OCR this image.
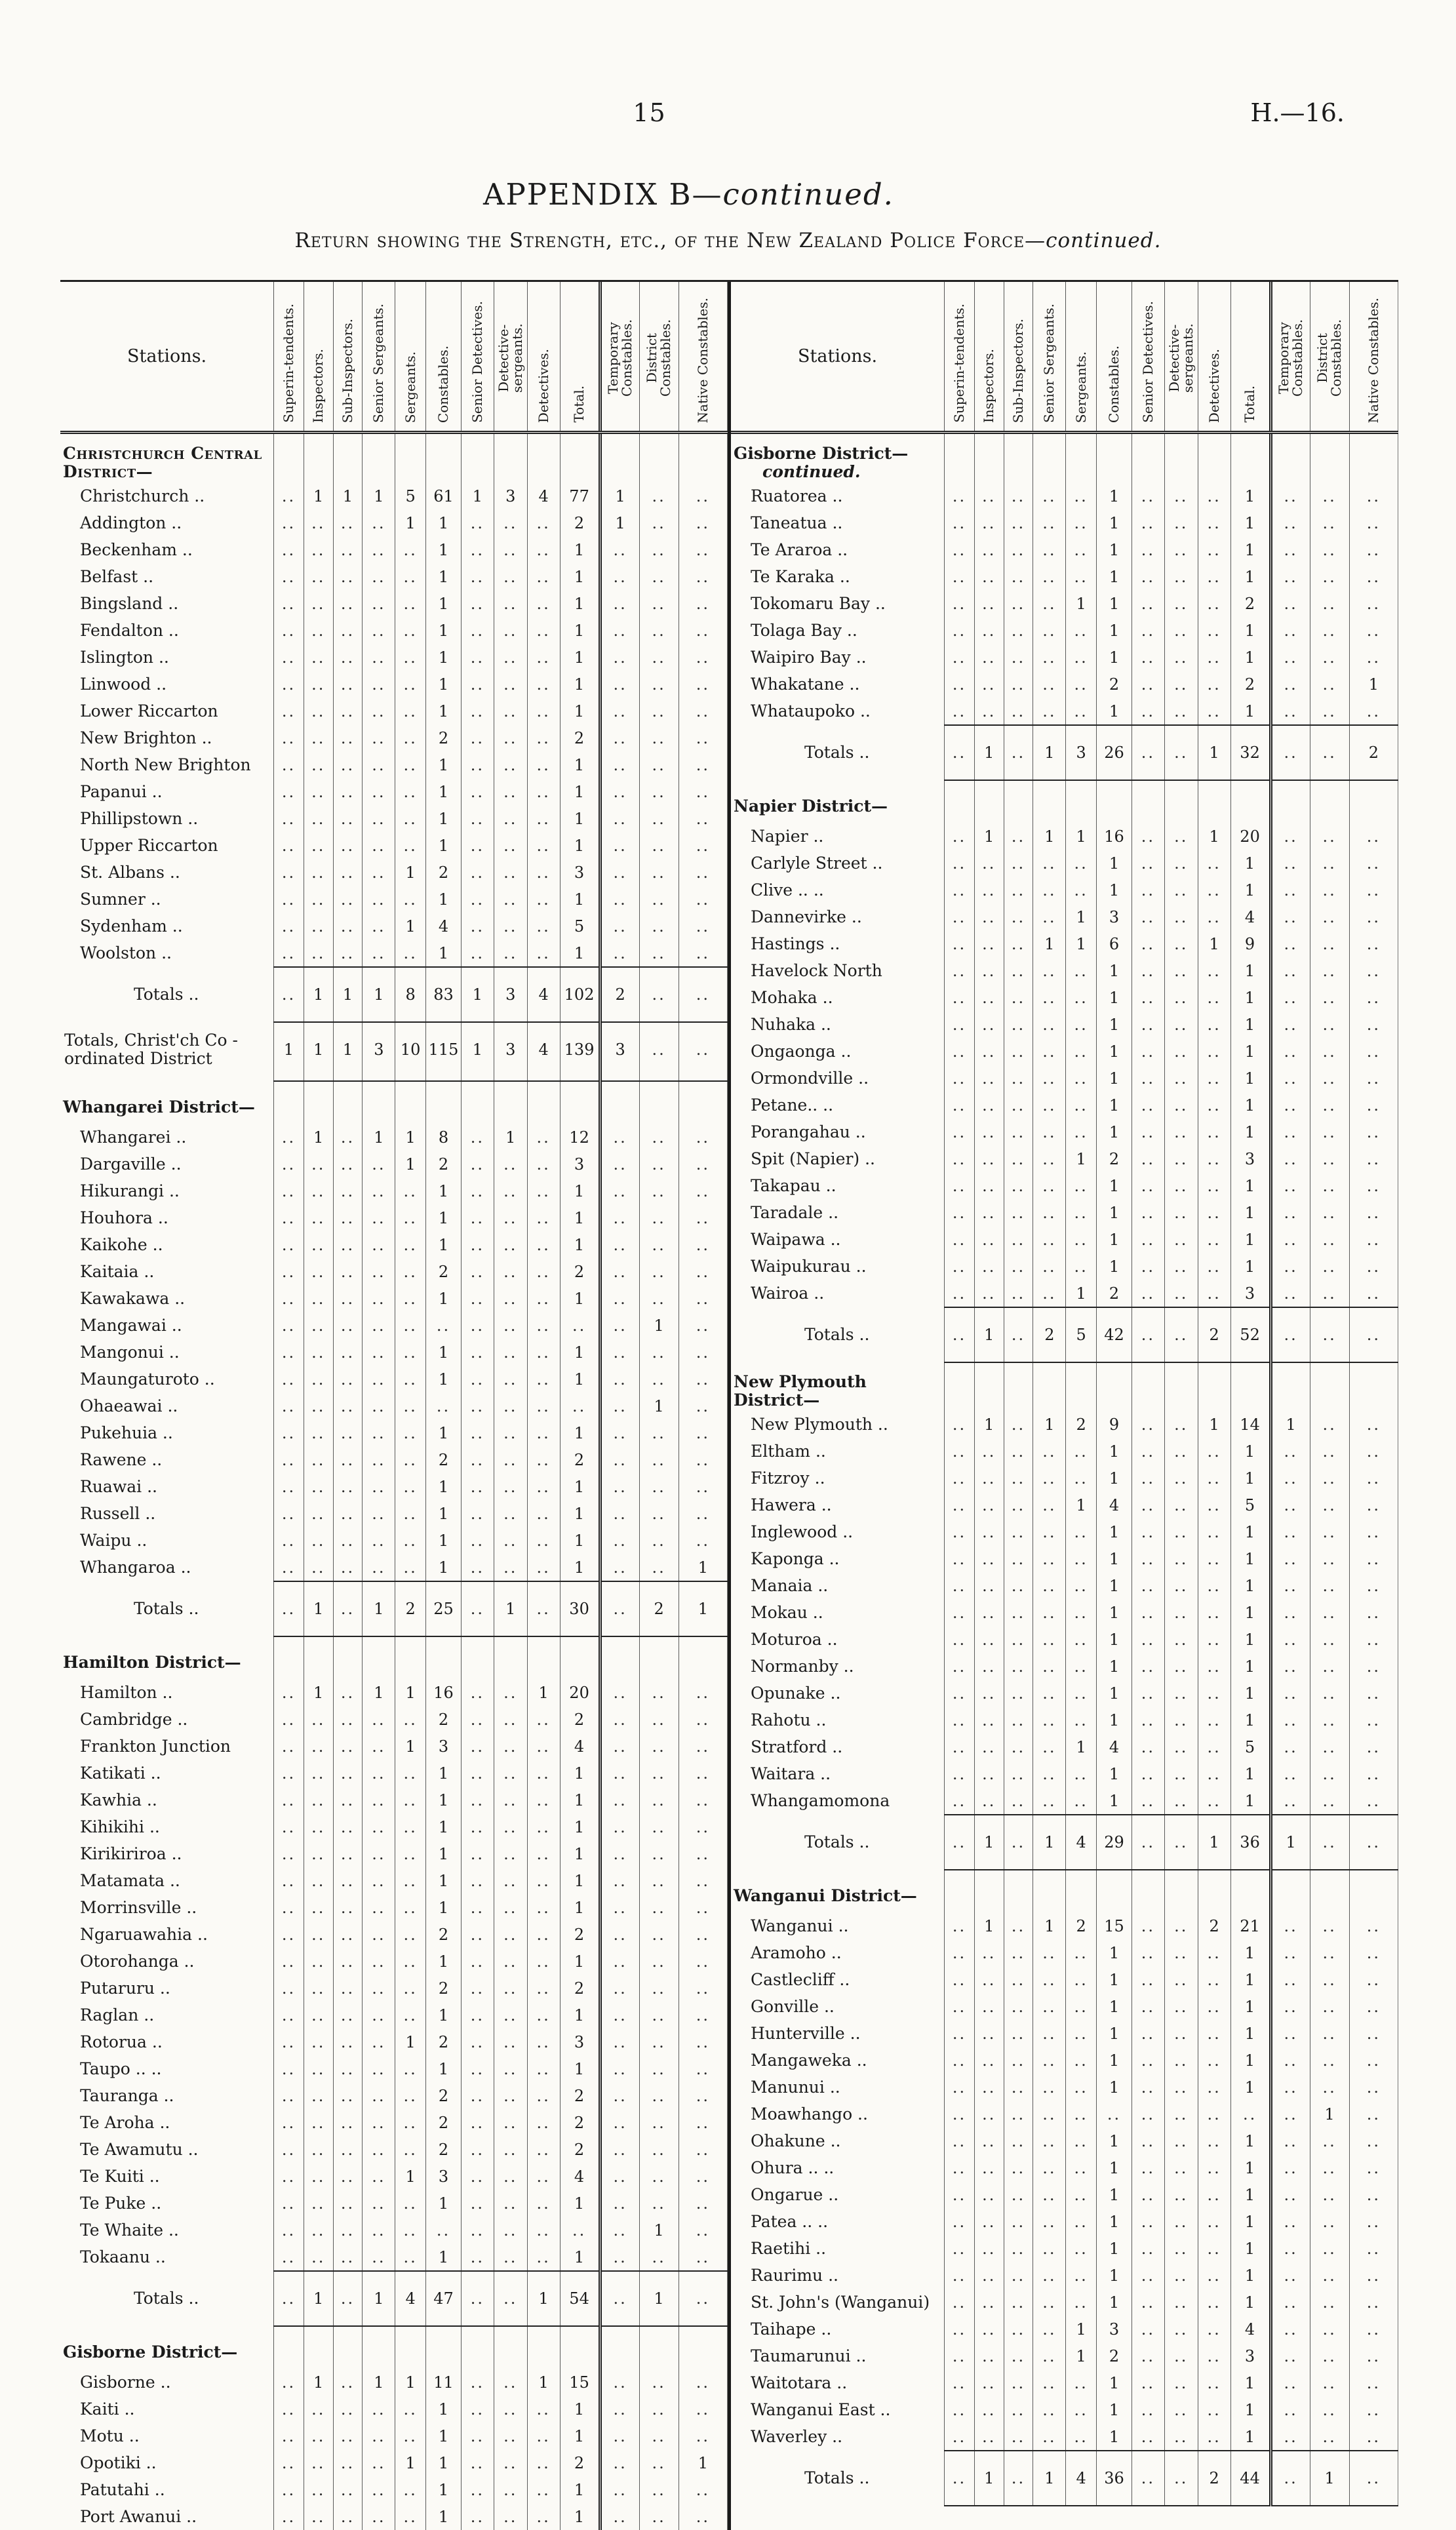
15	H.—16.
APPENDIX B—continued.
Return showing the Strength, etc., of the New Zealand Police Force—continued.
Stations.	Superin-tendents.	Inspectors.	Sub-Inspectors.	Senior Sergeants.	Sergeants.	Constables.	Senior Detectives.	Detective-sergeants.	Detectives.	Total.	Temporary Constables.	District Constables.	Native Constables.
Christchurch Central District—													
Christchurch ..	..	1	1	1	5	61	1	3	4	77	1	..	..
Addington ..	..	..	..	..	1	1	..	..	..	2	1	..	..
Beckenham ..	..	..	..	..	..	1	..	..	..	1	..	..	..
Belfast ..	..	..	..	..	..	1	..	..	..	1	..	..	..
Bingsland ..	..	..	..	..	..	1	..	..	..	1	..	..	..
Fendalton ..	..	..	..	..	..	1	..	..	..	1	..	..	..
Islington ..	..	..	..	..	..	1	..	..	..	1	..	..	..
Linwood ..	..	..	..	..	..	1	..	..	..	1	..	..	..
Lower Riccarton	..	..	..	..	..	1	..	..	..	1	..	..	..
New Brighton ..	..	..	..	..	..	2	..	..	..	2	..	..	..
North New Brighton	..	..	..	..	..	1	..	..	..	1	..	..	..
Papanui ..	..	..	..	..	..	1	..	..	..	1	..	..	..
Phillipstown ..	..	..	..	..	..	1	..	..	..	1	..	..	..
Upper Riccarton	..	..	..	..	..	1	..	..	..	1	..	..	..
St. Albans ..	..	..	..	..	1	2	..	..	..	3	..	..	..
Sumner ..	..	..	..	..	..	1	..	..	..	1	..	..	..
Sydenham ..	..	..	..	..	1	4	..	..	..	5	..	..	..
Woolston ..	..	..	..	..	..	1	..	..	..	1	..	..	..
Totals ..	..	1	1	1	8	83	1	3	4	102	2	..	..
Totals, Christ'ch Co - ordinated District	1	1	1	3	10	115	1	3	4	139	3	..	..
Whangarei District—													
Whangarei ..	..	1	..	1	1	8	..	1	..	12	..	..	..
Dargaville ..	..	..	..	..	1	2	..	..	..	3	..	..	..
Hikurangi ..	..	..	..	..	..	1	..	..	..	1	..	..	..
Houhora ..	..	..	..	..	..	1	..	..	..	1	..	..	..
Kaikohe ..	..	..	..	..	..	1	..	..	..	1	..	..	..
Kaitaia ..	..	..	..	..	..	2	..	..	..	2	..	..	..
Kawakawa ..	..	..	..	..	..	1	..	..	..	1	..	..	..
Mangawai ..	..	..	..	..	..	..	..	..	..	..	..	1	..
Mangonui ..	..	..	..	..	..	1	..	..	..	1	..	..	..
Maungaturoto ..	..	..	..	..	..	1	..	..	..	1	..	..	..
Ohaeawai ..	..	..	..	..	..	..	..	..	..	..	..	1	..
Pukehuia ..	..	..	..	..	..	1	..	..	..	1	..	..	..
Rawene ..	..	..	..	..	..	2	..	..	..	2	..	..	..
Ruawai ..	..	..	..	..	..	1	..	..	..	1	..	..	..
Russell ..	..	..	..	..	..	1	..	..	..	1	..	..	..
Waipu ..	..	..	..	..	..	1	..	..	..	1	..	..	..
Whangaroa ..	..	..	..	..	..	1	..	..	..	1	..	..	1
Totals ..	..	1	..	1	2	25	..	1	..	30	..	2	1
Hamilton District—													
Hamilton ..	..	1	..	1	1	16	..	..	1	20	..	..	..
Cambridge ..	..	..	..	..	..	2	..	..	..	2	..	..	..
Frankton Junction	..	..	..	..	1	3	..	..	..	4	..	..	..
Katikati ..	..	..	..	..	..	1	..	..	..	1	..	..	..
Kawhia ..	..	..	..	..	..	1	..	..	..	1	..	..	..
Kihikihi ..	..	..	..	..	..	1	..	..	..	1	..	..	..
Kirikiriroa ..	..	..	..	..	..	1	..	..	..	1	..	..	..
Matamata ..	..	..	..	..	..	1	..	..	..	1	..	..	..
Morrinsville ..	..	..	..	..	..	1	..	..	..	1	..	..	..
Ngaruawahia ..	..	..	..	..	..	2	..	..	..	2	..	..	..
Otorohanga ..	..	..	..	..	..	1	..	..	..	1	..	..	..
Putaruru ..	..	..	..	..	..	2	..	..	..	2	..	..	..
Raglan ..	..	..	..	..	..	1	..	..	..	1	..	..	..
Rotorua ..	..	..	..	..	1	2	..	..	..	3	..	..	..
Taupo .. ..	..	..	..	..	..	1	..	..	..	1	..	..	..
Tauranga ..	..	..	..	..	..	2	..	..	..	2	..	..	..
Te Aroha ..	..	..	..	..	..	2	..	..	..	2	..	..	..
Te Awamutu ..	..	..	..	..	..	2	..	..	..	2	..	..	..
Te Kuiti ..	..	..	..	..	1	3	..	..	..	4	..	..	..
Te Puke ..	..	..	..	..	..	1	..	..	..	1	..	..	..
Te Whaite ..	..	..	..	..	..	..	..	..	..	..	..	1	..
Tokaanu ..	..	..	..	..	..	1	..	..	..	1	..	..	..
Totals ..	..	1	..	1	4	47	..	..	1	54	..	1	..
Gisborne District—													
Gisborne ..	..	1	..	1	1	11	..	..	1	15	..	..	..
Kaiti ..	..	..	..	..	..	1	..	..	..	1	..	..	..
Motu ..	..	..	..	..	..	1	..	..	..	1	..	..	..
Opotiki ..	..	..	..	..	1	1	..	..	..	2	..	..	1
Patutahi ..	..	..	..	..	..	1	..	..	..	1	..	..	..
Port Awanui ..	..	..	..	..	..	1	..	..	..	1	..	..	..
Stations.	Superin-tendents.	Inspectors.	Sub-Inspectors.	Senior Sergeants.	Sergeants.	Constables.	Senior Detectives.	Detective-sergeants.	Detectives.	Total.	Temporary Constables.	District Constables.	Native Constables.
Gisborne District—
continued.													

Ruatorea ..	..	..	..	..	..	1	..	..	..	1	..	..	..
Taneatua ..	..	..	..	..	..	1	..	..	..	1	..	..	..
Te Araroa ..	..	..	..	..	..	1	..	..	..	1	..	..	..
Te Karaka ..	..	..	..	..	..	1	..	..	..	1	..	..	..
Tokomaru Bay ..	..	..	..	..	1	1	..	..	..	2	..	..	..
Tolaga Bay ..	..	..	..	..	..	1	..	..	..	1	..	..	..
Waipiro Bay ..	..	..	..	..	..	1	..	..	..	1	..	..	..
Whakatane ..	..	..	..	..	..	2	..	..	..	2	..	..	1
Whataupoko ..	..	..	..	..	..	1	..	..	..	1	..	..	..
Totals ..	..	1	..	1	3	26	..	..	1	32	..	..	2
Napier District—													
Napier ..	..	1	..	1	1	16	..	..	1	20	..	..	..
Carlyle Street ..	..	..	..	..	..	1	..	..	..	1	..	..	..
Clive .. ..	..	..	..	..	..	1	..	..	..	1	..	..	..
Dannevirke ..	..	..	..	..	1	3	..	..	..	4	..	..	..
Hastings ..	..	..	..	1	1	6	..	..	1	9	..	..	..
Havelock North	..	..	..	..	..	1	..	..	..	1	..	..	..
Mohaka ..	..	..	..	..	..	1	..	..	..	1	..	..	..
Nuhaka ..	..	..	..	..	..	1	..	..	..	1	..	..	..
Ongaonga ..	..	..	..	..	..	1	..	..	..	1	..	..	..
Ormondville ..	..	..	..	..	..	1	..	..	..	1	..	..	..
Petane.. ..	..	..	..	..	..	1	..	..	..	1	..	..	..
Porangahau ..	..	..	..	..	..	1	..	..	..	1	..	..	..
Spit (Napier) ..	..	..	..	..	1	2	..	..	..	3	..	..	..
Takapau ..	..	..	..	..	..	1	..	..	..	1	..	..	..
Taradale ..	..	..	..	..	..	1	..	..	..	1	..	..	..
Waipawa ..	..	..	..	..	..	1	..	..	..	1	..	..	..
Waipukurau ..	..	..	..	..	..	1	..	..	..	1	..	..	..
Wairoa ..	..	..	..	..	1	2	..	..	..	3	..	..	..
Totals ..	..	1	..	2	5	42	..	..	2	52	..	..	..
New Plymouth District—													
New Plymouth ..	..	1	..	1	2	9	..	..	1	14	1	..	..
Eltham ..	..	..	..	..	..	1	..	..	..	1	..	..	..
Fitzroy ..	..	..	..	..	..	1	..	..	..	1	..	..	..
Hawera ..	..	..	..	..	1	4	..	..	..	5	..	..	..
Inglewood ..	..	..	..	..	..	1	..	..	..	1	..	..	..
Kaponga ..	..	..	..	..	..	1	..	..	..	1	..	..	..
Manaia ..	..	..	..	..	..	1	..	..	..	1	..	..	..
Mokau ..	..	..	..	..	..	1	..	..	..	1	..	..	..
Moturoa ..	..	..	..	..	..	1	..	..	..	1	..	..	..
Normanby ..	..	..	..	..	..	1	..	..	..	1	..	..	..
Opunake ..	..	..	..	..	..	1	..	..	..	1	..	..	..
Rahotu ..	..	..	..	..	..	1	..	..	..	1	..	..	..
Stratford ..	..	..	..	..	1	4	..	..	..	5	..	..	..
Waitara ..	..	..	..	..	..	1	..	..	..	1	..	..	..
Whangamomona	..	..	..	..	..	1	..	..	..	1	..	..	..
Totals ..	..	1	..	1	4	29	..	..	1	36	1	..	..
Wanganui District—													
Wanganui ..	..	1	..	1	2	15	..	..	2	21	..	..	..
Aramoho ..	..	..	..	..	..	1	..	..	..	1	..	..	..
Castlecliff ..	..	..	..	..	..	1	..	..	..	1	..	..	..
Gonville ..	..	..	..	..	..	1	..	..	..	1	..	..	..
Hunterville ..	..	..	..	..	..	1	..	..	..	1	..	..	..
Mangaweka ..	..	..	..	..	..	1	..	..	..	1	..	..	..
Manunui ..	..	..	..	..	..	1	..	..	..	1	..	..	..
Moawhango ..	..	..	..	..	..	..	..	..	..	..	..	1	..
Ohakune ..	..	..	..	..	..	1	..	..	..	1	..	..	..
Ohura .. ..	..	..	..	..	..	1	..	..	..	1	..	..	..
Ongarue ..	..	..	..	..	..	1	..	..	..	1	..	..	..
Patea .. ..	..	..	..	..	..	1	..	..	..	1	..	..	..
Raetihi ..	..	..	..	..	..	1	..	..	..	1	..	..	..
Raurimu ..	..	..	..	..	..	1	..	..	..	1	..	..	..
St. John's (Wanganui)	..	..	..	..	..	1	..	..	..	1	..	..	..
Taihape ..	..	..	..	..	1	3	..	..	..	4	..	..	..
Taumarunui ..	..	..	..	..	1	2	..	..	..	3	..	..	..
Waitotara ..	..	..	..	..	..	1	..	..	..	1	..	..	..
Wanganui East ..	..	..	..	..	..	1	..	..	..	1	..	..	..
Waverley ..	..	..	..	..	..	1	..	..	..	1	..	..	..
Totals ..	..	1	..	1	4	36	..	..	2	44	..	1	..
